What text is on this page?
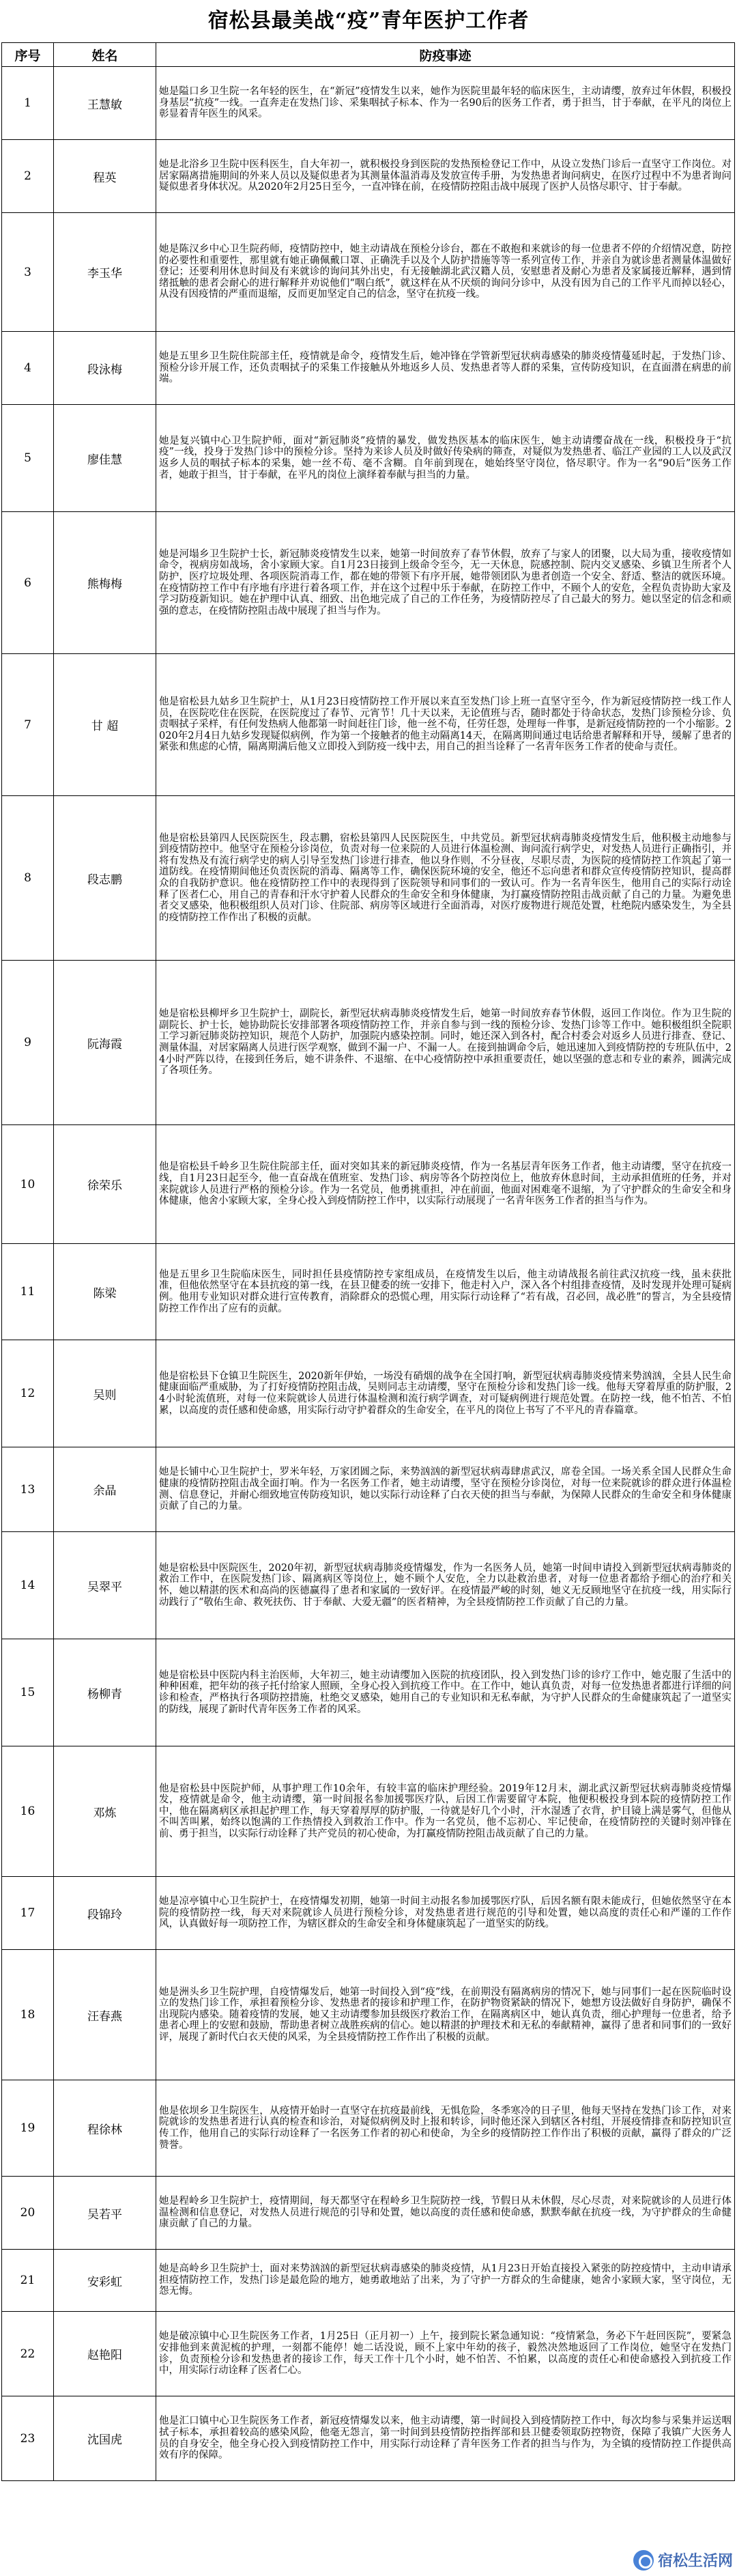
宿松县最美战“疫”青年医护工作者
序号	姓名	防疫事迹
1	王慧敏	她是隘口乡卫生院一名年轻的医生，在“新冠”疫情发生以来，她作为医院里最年轻的临床医生，主动请缨，放弃过年休假，积极投身基层“抗疫”一线。一直奔走在发热门诊、采集咽拭子标本、作为一名90后的医务工作者，勇于担当，甘于奉献，在平凡的岗位上彰显着青年医生的风采。
2	程英	她是北浴乡卫生院中医科医生，自大年初一，就积极投身到医院的发热预检登记工作中，从设立发热门诊后一直坚守工作岗位。对居家隔离措施期间的外来人员以及疑似患者为其测量体温消毒及发放宣传手册，为发热患者询问病史，在医疗过程中不为患者询问疑似患者身体状况。从2020年2月25日至今，一直冲锋在前，在疫情防控阻击战中展现了医护人员恪尽职守、甘于奉献。
3	李玉华	她是陈汉乡中心卫生院药师，疫情防控中，她主动请战在预检分诊台，都在不敢抱和来就诊的每一位患者不停的介绍情况意，防控的必要性和重要性，那里就有她正确佩戴口罩、正确洗手以及个人防护措施等等一系列宣传工作，并亲自为就诊患者测量体温做好登记；还要利用休息时间及有来就诊的询问其外出史，有无接触湖北武汉籍人员，安慰患者及耐心为患者及家属接近解释，遇到情绪抵触的患者会耐心的进行解释并劝说他们“咽白纸”，就这样在从不厌烦的询问分诊中，从没有因为自己的工作平凡而掉以轻心，从没有因疫情的严重而退缩，反而更加坚定自己的信念，坚守在抗疫一线。
4	段泳梅	她是五里乡卫生院住院部主任，疫情就是命令，疫情发生后，她冲锋在学管新型冠状病毒感染的肺炎疫情蔓延时起，于发热门诊、预检分诊开展工作，还负责咽拭子的采集工作接触从外地返乡人员、发热患者等人群的采集，宣传防疫知识，在直面潜在病患的前端。
5	廖佳慧	她是复兴镇中心卫生院护师，面对“新冠肺炎”疫情的暴发，做发热医基本的临床医生，她主动请缨奋战在一线，积极投身于“抗疫”一线，投身于发热门诊中的预检分诊。坚持为来诊人员及时做好传染病的筛查，对疑似为发热患者、临江产业园的工人以及武汉返乡人员的咽拭子标本的采集，她一丝不苟、毫不含糊。自年前到现在，她始终坚守岗位，恪尽职守。作为一名“90后”医务工作者，她敢于担当，甘于奉献，在平凡的岗位上演绎着奉献与担当的力量。
6	熊梅梅	她是河塌乡卫生院护士长，新冠肺炎疫情发生以来，她第一时间放弃了春节休假，放弃了与家人的团聚，以大局为重，接收疫情如命令，视病房如战场，舍小家顾大家。自1月23日接到上级命令至今，无一天休息，院感控制、院内交叉感染、乡镇卫生所者个人防护，医疗垃圾处理、各项医院消毒工作，都在她的带领下有序开展，她带领团队为患者创造一个安全、舒适、整洁的就医环境。在疫情防控工作中有序地有序进行着各项工作，并在这个过程中乐于奉献，在防控工作中，不顾个人的安危，全程负责协助大家及学习防疫新知识。她在护理中认真、细致、出色地完成了自己的工作任务，为疫情防控尽了自己最大的努力。她以坚定的信念和顽强的意志，在疫情防控阻击战中展现了担当与作为。
7	甘 超	他是宿松县九姑乡卫生院护士，从1月23日疫情防控工作开展以来直至发热门诊上班一直坚守至今，作为新冠疫情防控一线工作人员，在医院吃住在医院，在医院度过了春节、元宵节！几十天以来，无论值班与否，随时都处于待命状态，发热门诊预检分诊、负责咽拭子采样，有任何发热病人他都第一时间赶往门诊，他一丝不苟，任劳任怨，处理每一件事，是新冠疫情防控的一个小缩影。2020年2月4日九姑乡发现疑似病例，作为第一个接触者的他主动隔离14天，在隔离期间通过电话给患者解释和开导，缓解了患者的紧张和焦虑的心情，隔离期满后他又立即投入到防疫一线中去，用自己的担当诠释了一名青年医务工作者的使命与责任。
8	段志鹏	他是宿松县第四人民医院医生，段志鹏，宿松县第四人民医院医生，中共党员。新型冠状病毒肺炎疫情发生后，他积极主动地参与到疫情防控中。他坚守在预检分诊岗位，负责对每一位来院的人员进行体温检测、询问流行病学史，对发热人员进行正确指引，并将有发热及有流行病学史的病人引导至发热门诊进行排查，他以身作则，不分昼夜，尽职尽责，为医院的疫情防控工作筑起了第一道防线。在疫情期间他还负责医院的消毒、隔离等工作，确保医院环境的安全，他还不忘向患者和群众宣传疫情防控知识，提高群众的自我防护意识。他在疫情防控工作中的表现得到了医院领导和同事们的一致认可。作为一名青年医生，他用自己的实际行动诠释了医者仁心，用自己的青春和汗水守护着人民群众的生命安全和身体健康，为打赢疫情防控阻击战贡献了自己的力量。为避免患者交叉感染，他积极组织人员对门诊、住院部、病房等区域进行全面消毒，对医疗废物进行规范处置，杜绝院内感染发生，为全县的疫情防控工作作出了积极的贡献。
9	阮海霞	她是宿松县柳坪乡卫生院护士，副院长，新型冠状病毒肺炎疫情发生后，她第一时间放弃春节休假，返回工作岗位。作为卫生院的副院长、护士长，她协助院长安排部署各项疫情防控工作，并亲自参与到一线的预检分诊、发热门诊等工作中。她积极组织全院职工学习新冠肺炎防控知识，规范个人防护，加强院内感染控制。同时，她还深入到各村，配合村委会对返乡人员进行排查、登记、测量体温，对居家隔离人员进行医学观察，做到不漏一户、不漏一人。在接到抽调命令后，她迅速加入到疫情防控的专班队伍中，24小时严阵以待，在接到任务后，她不讲条件、不退缩、在中心疫情防控中承担重要责任，她以坚强的意志和专业的素养，圆满完成了各项任务。
10	徐荣乐	他是宿松县千岭乡卫生院住院部主任，面对突如其来的新冠肺炎疫情，作为一名基层青年医务工作者，他主动请缨，坚守在抗疫一线，自1月23日起至今，他一直奋战在值班室、发热门诊、病房等各个防控岗位上，他放弃休息时间，主动承担值班的任务，并对来院就诊人员进行严格的预检分诊。作为一名党员，他勇挑重担，冲在前面，他面对困难毫不退缩，为了守护群众的生命安全和身体健康，他舍小家顾大家，全身心投入到疫情防控工作中，以实际行动展现了一名青年医务工作者的担当与作为。
11	陈梁	他是五里乡卫生院临床医生，同时担任县疫情防控专家组成员，在疫情发生以后，他主动请战报名前往武汉抗疫一线，虽未获批准，但他依然坚守在本县抗疫的第一线，在县卫健委的统一安排下，他走村入户，深入各个村组排查疫情，及时发现并处理可疑病例。他用专业知识对群众进行宣传教育，消除群众的恐慌心理，用实际行动诠释了“若有战，召必回，战必胜”的誓言，为全县疫情防控工作作出了应有的贡献。
12	吴则	他是宿松县下仓镇卫生院医生，2020新年伊始，一场没有硝烟的战争在全国打响，新型冠状病毒肺炎疫情来势汹汹，全县人民生命健康面临严重威胁，为了打好疫情防控阻击战，吴则同志主动请缨，坚守在预检分诊和发热门诊一线。他每天穿着厚重的防护服，24小时轮流值班，对每一位来院就诊人员进行体温检测和流行病学调查，对可疑病例进行规范处置。在防控一线，他不怕苦、不怕累，以高度的责任感和使命感，用实际行动守护着群众的生命安全，在平凡的岗位上书写了不平凡的青春篇章。
13	余晶	她是长铺中心卫生院护士，罗米年轻，万家团圆之际，来势汹汹的新型冠状病毒肆虐武汉，席卷全国。一场关系全国人民群众生命健康的疫情防控阻击战全面打响。作为一名医务工作者，她主动请缨，坚守在预检分诊岗位，对每一位来院就诊的群众进行体温检测、信息登记，并耐心细致地宣传防疫知识，她以实际行动诠释了白衣天使的担当与奉献，为保障人民群众的生命安全和身体健康贡献了自己的力量。
14	吴翠平	她是宿松县中医院医生，2020年初，新型冠状病毒肺炎疫情爆发，作为一名医务人员，她第一时间申请投入到新型冠状病毒肺炎的救治工作中，在医院发热门诊、隔离病区等岗位上，她不顾个人安危，全力以赴救治患者，对每一位患者都给予细心的治疗和关怀，她以精湛的医术和高尚的医德赢得了患者和家属的一致好评。在疫情最严峻的时刻，她义无反顾地坚守在抗疫一线，用实际行动践行了“敬佑生命、救死扶伤、甘于奉献、大爱无疆”的医者精神，为全县疫情防控工作贡献了自己的力量。
15	杨柳青	她是宿松县中医院内科主治医师，大年初三，她主动请缨加入医院的抗疫团队，投入到发热门诊的诊疗工作中，她克服了生活中的种种困难，把年幼的孩子托付给家人照顾，全身心投入到抗疫工作中。在工作中，她认真负责，对每一位发热患者都进行详细的问诊和检查，严格执行各项防控措施，杜绝交叉感染，她用自己的专业知识和无私奉献，为守护人民群众的生命健康筑起了一道坚实的防线，展现了新时代青年医务工作者的风采。
16	邓炼	他是宿松县中医院护师，从事护理工作10余年，有较丰富的临床护理经验。2019年12月末，湖北武汉新型冠状病毒肺炎疫情爆发，疫情就是命令，他主动请缨，第一时间报名参加援鄂医疗队，后因工作需要留守本院，他便积极投身到本院的疫情防控工作中，他在隔离病区承担起护理工作，每天穿着厚厚的防护服，一待就是好几个小时，汗水湿透了衣背，护目镜上满是雾气，但他从不叫苦叫累，始终以饱满的工作热情投入到救治工作中。作为一名党员，他不忘初心、牢记使命，在疫情防控的关键时刻冲锋在前、勇于担当，以实际行动诠释了共产党员的初心使命，为打赢疫情防控阻击战贡献了自己的力量。
17	段锦玲	她是凉亭镇中心卫生院护士，在疫情爆发初期，她第一时间主动报名参加援鄂医疗队，后因名额有限未能成行，但她依然坚守在本院的疫情防控一线，每天对来院就诊人员进行预检分诊，对发热患者进行规范的引导和处置，她以高度的责任心和严谨的工作作风，认真做好每一项防控工作，为辖区群众的生命安全和身体健康筑起了一道坚实的防线。
18	汪春燕	她是洲头乡卫生院护理，自疫情爆发后，她第一时间投入到“疫”线，在前期没有隔离病房的情况下，她与同事们一起在医院临时设立的发热门诊工作，承担着预检分诊、发热患者的接诊和护理工作，在防护物资紧缺的情况下，她想方设法做好自身防护，确保不出现院内感染。随着疫情的发展，她又主动请缨参加县级医疗救治工作，在隔离病区中，她认真负责，细心护理每一位患者，给予患者心理上的安慰和鼓励，帮助患者树立战胜疾病的信心。她以精湛的护理技术和无私的奉献精神，赢得了患者和同事们的一致好评，展现了新时代白衣天使的风采，为全县疫情防控工作作出了积极的贡献。
19	程徐林	他是依坝乡卫生院医生，从疫情开始时一直坚守在抗疫最前线，无惧危险，冬季寒冷的日子里，他每天坚持在发热门诊工作，对来院就诊的发热患者进行认真的检查和诊治，对疑似病例及时上报和转诊，同时他还深入到辖区各村组，开展疫情排查和防控知识宣传工作，他用自己的实际行动诠释了一名医务工作者的初心和使命，为全乡的疫情防控工作作出了积极的贡献，赢得了群众的广泛赞誉。
20	吴若平	她是程岭乡卫生院护士，疫情期间，每天都坚守在程岭乡卫生院防控一线，节假日从未休假，尽心尽责，对来院就诊的人员进行体温检测和信息登记，对发热人员进行规范的引导和处置，她以高度的责任感和使命感，默默奉献在抗疫一线，为守护群众的生命健康贡献了自己的力量。
21	安彩虹	她是高岭乡卫生院护士，面对来势汹汹的新型冠状病毒感染的肺炎疫情，从1月23日开始直接投入紧张的防控疫情中，主动申请承担疫情防控工作，发热门诊是最危险的地方，她勇敢地站了出来，为了守护一方群众的生命健康，她舍小家顾大家，坚守岗位，无怨无悔。
22	赵艳阳	她是破凉镇中心卫生院医务工作者，1月25日（正月初一）上午，接到院长紧急通知说：“疫情紧急，务必下午赶回医院”，要紧急安排他到来黄泥梳的护理，一刻都不能停！她二话没说，顾不上家中年幼的孩子，毅然决然地返回了工作岗位，她坚守在发热门诊，负责预检分诊和发热患者的接诊工作，每天工作十几个小时，她不怕苦、不怕累，以高度的责任心和使命感投入到抗疫工作中，用实际行动诠释了医者仁心。
23	沈国虎	他是汇口镇中心卫生院医务工作者，新冠疫情爆发以来，他主动请缨，第一时间投入到疫情防控工作中，每次均参与采集并运送咽拭子标本，承担着较高的感染风险，他毫无怨言，第一时间到县疫情防控指挥部和县卫健委领取防控物资，保障了我镇广大医务人员的自身安全，他全身心投入到疫情防控工作中，用实际行动诠释了青年医务工作者的担当与作为，为全镇的疫情防控工作提供高效有序的保障。
宿松生活网
